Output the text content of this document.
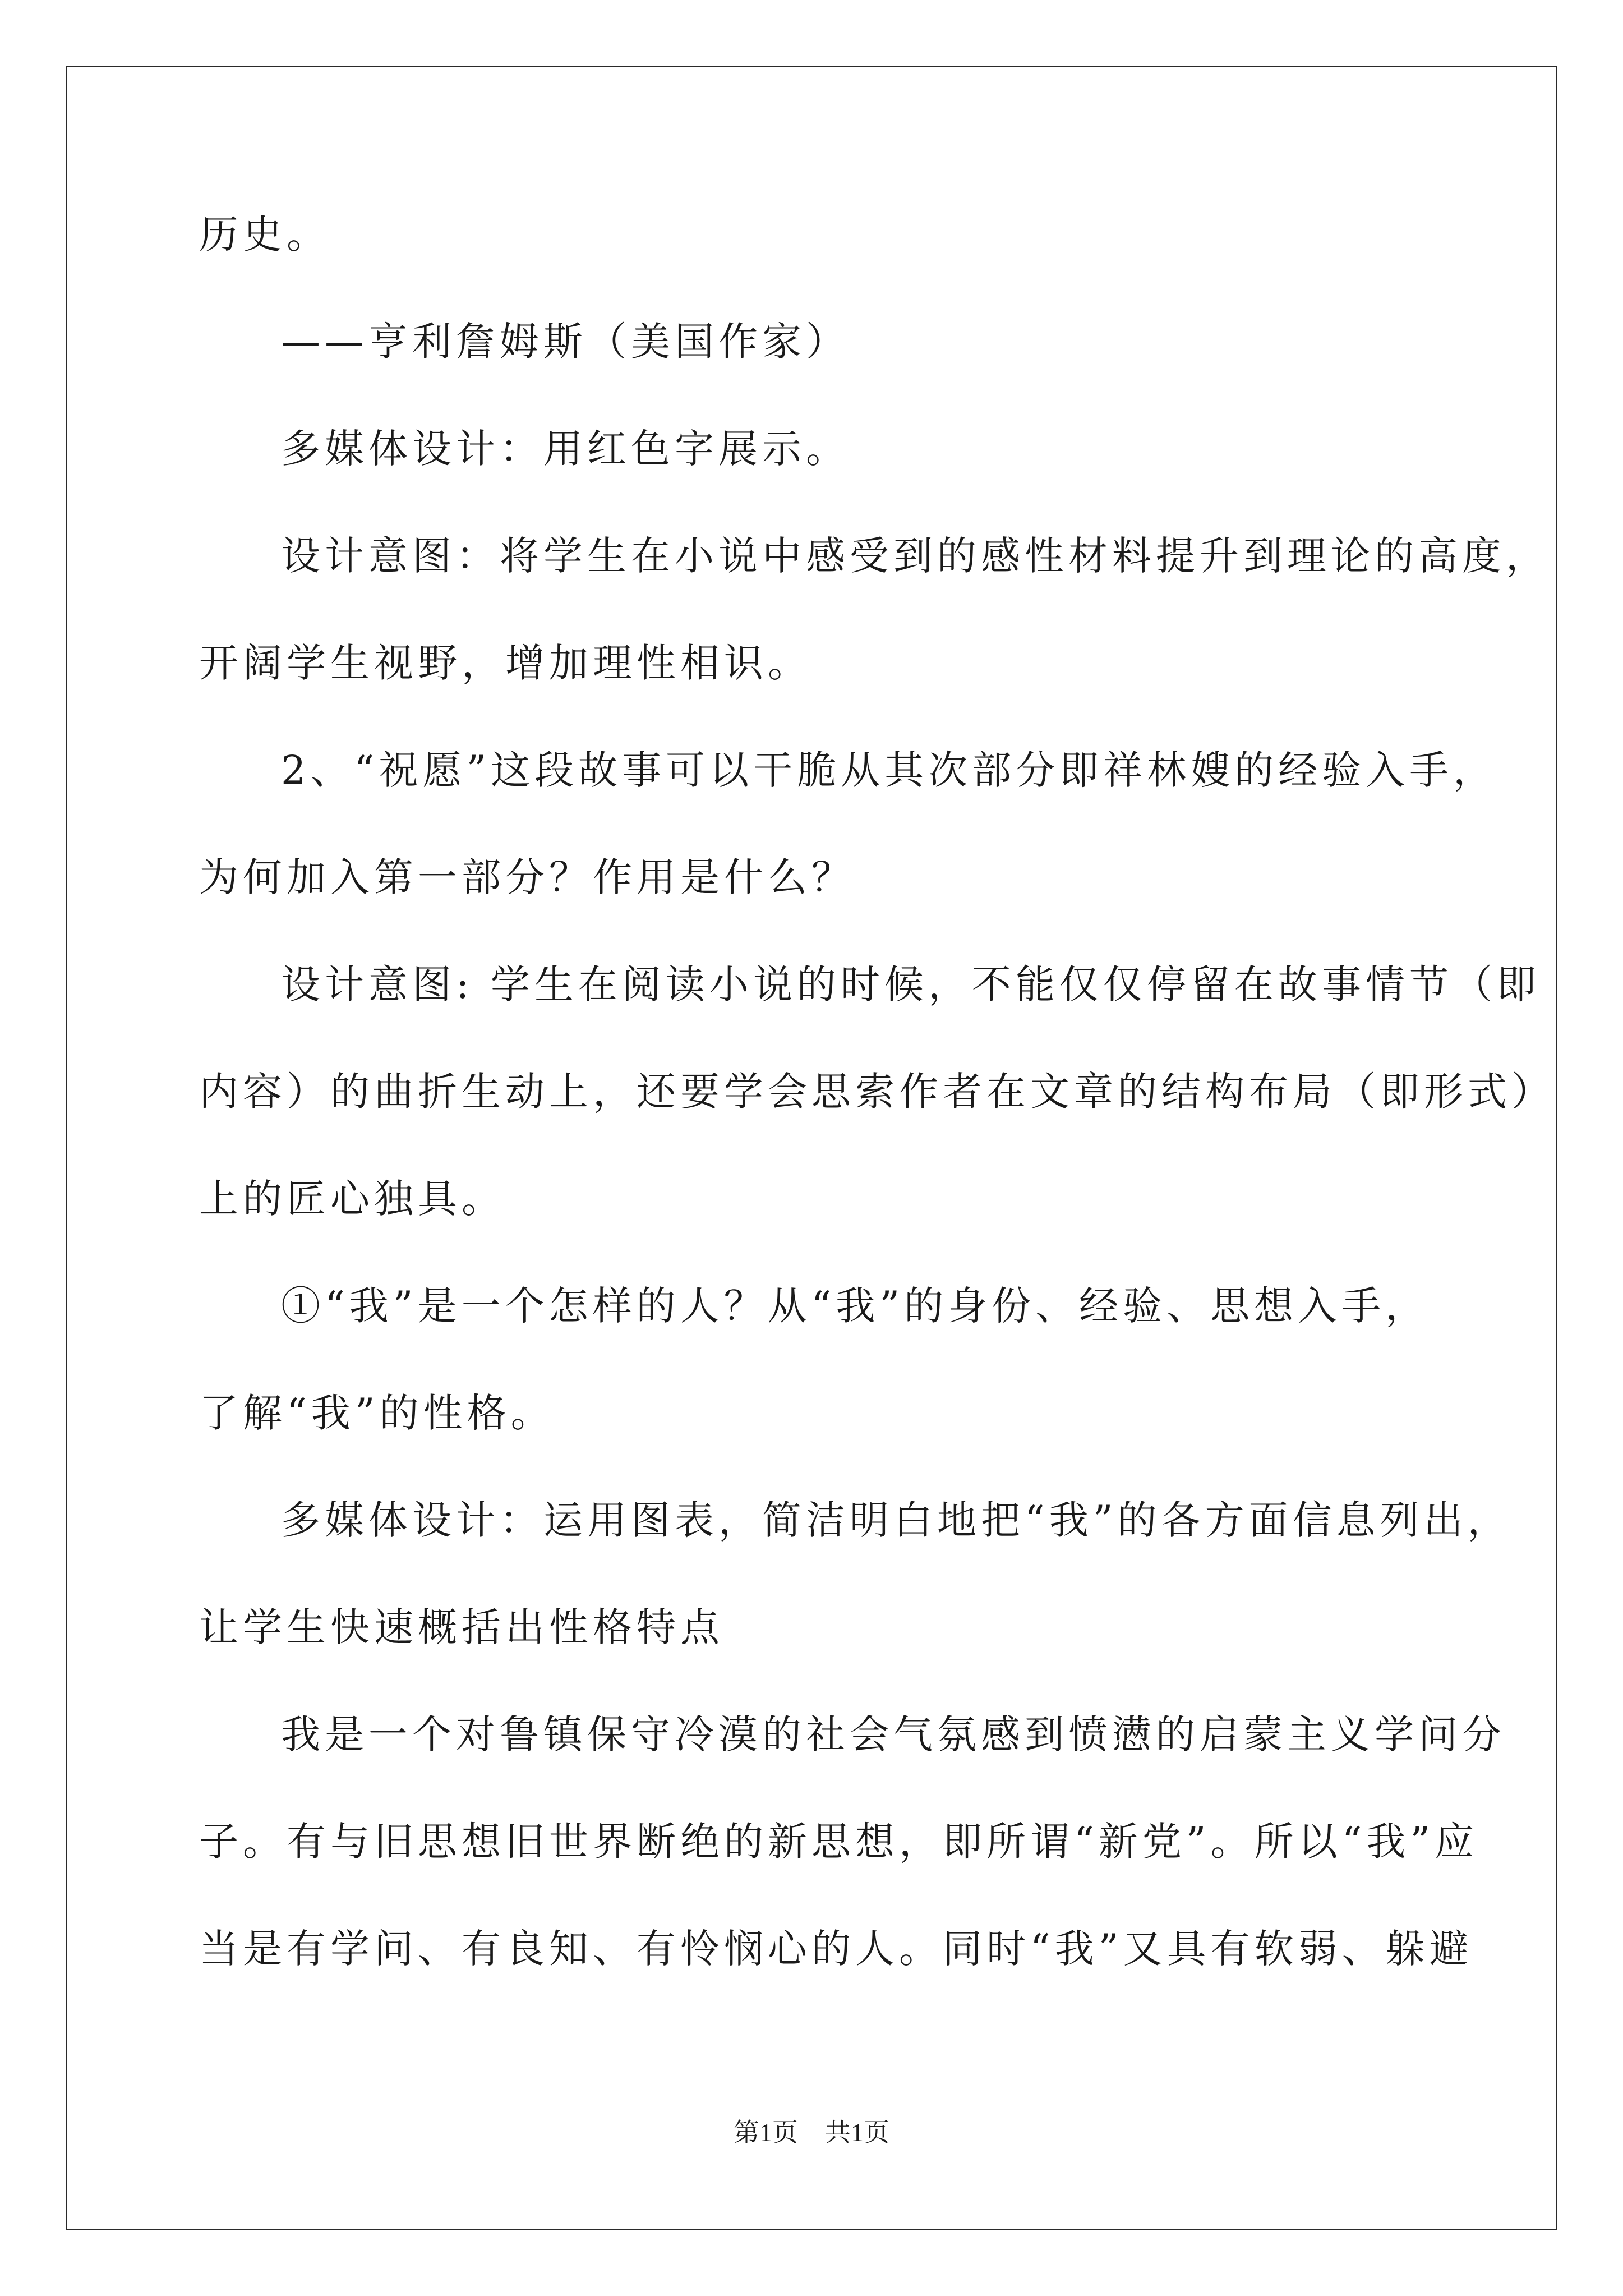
历史。
——亨利詹姆斯（美国作家）
多媒体设计：用红色字展示。
设计意图：将学生在小说中感受到的感性材料提升到理论的高度，
开阔学生视野，增加理性相识。
2、“祝愿”这段故事可以干脆从其次部分即祥林嫂的经验入手，
为何加入第一部分？作用是什么？
设计意图: 学生在阅读小说的时候，不能仅仅停留在故事情节（即
内容）的曲折生动上，还要学会思索作者在文章的结构布局（即形式）
上的匠心独具。
①“我”是一个怎样的人？从“我”的身份、经验、思想入手，
了解“我”的性格。
多媒体设计：运用图表，简洁明白地把“我”的各方面信息列出，
让学生快速概括出性格特点
我是一个对鲁镇保守冷漠的社会气氛感到愤懑的启蒙主义学问分
子。有与旧思想旧世界断绝的新思想，即所谓“新党”。所以“我”应
当是有学问、有良知、有怜悯心的人。同时“我”又具有软弱、躲避
第1页 共1页
